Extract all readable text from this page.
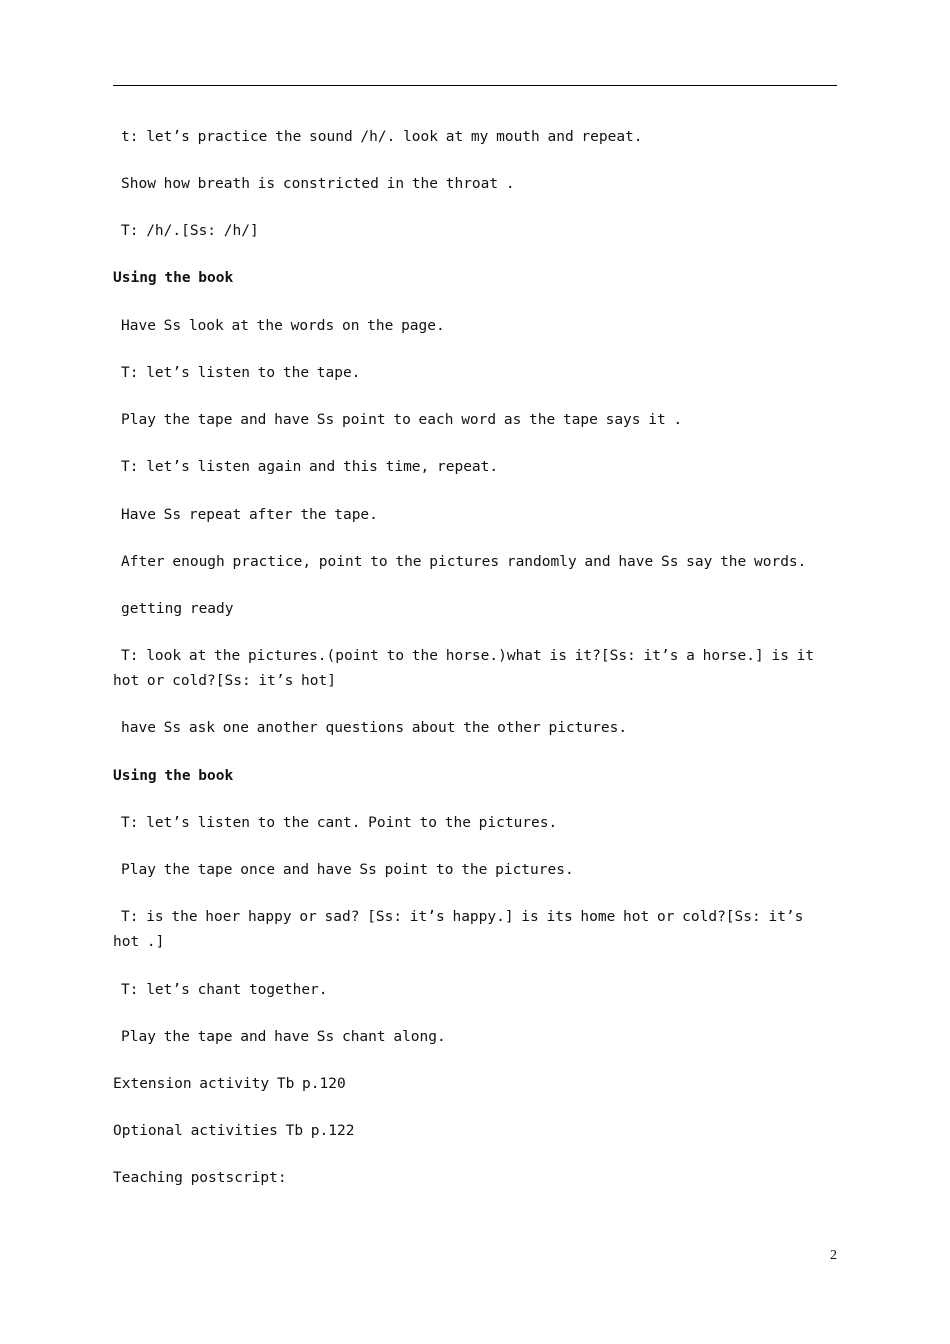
t: let’s practice the sound /h/. look at my mouth and repeat.
Show how breath is constricted in the throat .
T: /h/.[Ss: /h/]
Using the book
Have Ss look at the words on the page.
T: let’s listen to the tape.
Play the tape and have Ss point to each word as the tape says it .
T: let’s listen again and this time, repeat.
Have Ss repeat after the tape.
After enough practice, point to the pictures randomly and have Ss say the words.
getting ready
T: look at the pictures.(point to the horse.)what is it?[Ss: it’s a horse.] is it hot or cold?[Ss: it’s hot]
have Ss ask one another questions about the other pictures.
Using the book
T: let’s listen to the cant. Point to the pictures.
Play the tape once and have Ss point to the pictures.
T: is the hoer happy or sad? [Ss: it’s happy.] is its home hot or cold?[Ss: it’s hot .]
T: let’s chant together.
Play the tape and have Ss chant along.
Extension activity Tb p.120
Optional activities Tb p.122
Teaching postscript:
2
